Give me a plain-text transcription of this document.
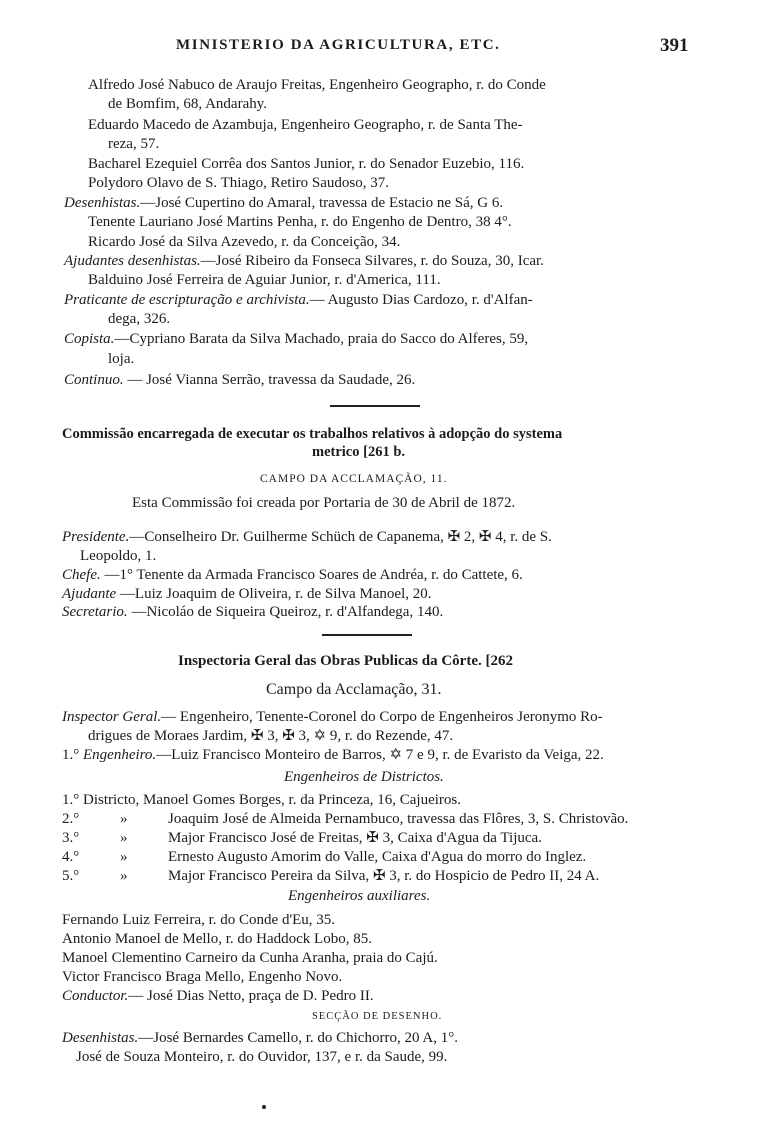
MINISTERIO DA AGRICULTURA, ETC.	391
Alfredo José Nabuco de Araujo Freitas, Engenheiro Geographo, r. do Conde
de Bomfim, 68, Andarahy.
Eduardo Macedo de Azambuja, Engenheiro Geographo, r. de Santa The-
reza, 57.
Bacharel Ezequiel Corrêa dos Santos Junior, r. do Senador Euzebio, 116.
Polydoro Olavo de S. Thiago, Retiro Saudoso, 37.
Desenhistas.—José Cupertino do Amaral, travessa de Estacio ne Sá, G 6.
Tenente Lauriano José Martins Penha, r. do Engenho de Dentro, 38 4°.
Ricardo José da Silva Azevedo, r. da Conceição, 34.
Ajudantes desenhistas.—José Ribeiro da Fonseca Silvares, r. do Souza, 30, Icar.
Balduino José Ferreira de Aguiar Junior, r. d'America, 111.
Praticante de escripturação e archivista.— Augusto Dias Cardozo, r. d'Alfan-
dega, 326.
Copista.—Cypriano Barata da Silva Machado, praia do Sacco do Alferes, 59,
loja.
Continuo. — José Vianna Serrão, travessa da Saudade, 26.
Commissão encarregada de executar os trabalhos relativos à adopção do systema
metrico [261 b.
CAMPO DA ACCLAMAÇÃO, 11.
Esta Commissão foi creada por Portaria de 30 de Abril de 1872.
Presidente.—Conselheiro Dr. Guilherme Schüch de Capanema, ✠ 2, ✠ 4, r. de S.
Leopoldo, 1.
Chefe. —1° Tenente da Armada Francisco Soares de Andréa, r. do Cattete, 6.
Ajudante —Luiz Joaquim de Oliveira, r. de Silva Manoel, 20.
Secretario. —Nicoláo de Siqueira Queiroz, r. d'Alfandega, 140.
Inspectoria Geral das Obras Publicas da Côrte. [262
Campo da Acclamação, 31.
Inspector Geral.— Engenheiro, Tenente-Coronel do Corpo de Engenheiros Jeronymo Ro-
drigues de Moraes Jardim, ✠ 3, ✠ 3, ✡ 9, r. do Rezende, 47.
1.° Engenheiro.—Luiz Francisco Monteiro de Barros, ✡ 7 e 9, r. de Evaristo da Veiga, 22.
Engenheiros de Districtos.
1.° Districto, Manoel Gomes Borges, r. da Princeza, 16, Cajueiros.
2.°	»	Joaquim José de Almeida Pernambuco, travessa das Flôres, 3, S. Christovão.
3.°	»	Major Francisco José de Freitas, ✠ 3, Caixa d'Agua da Tijuca.
4.°	»	Ernesto Augusto Amorim do Valle, Caixa d'Agua do morro do Inglez.
5.°	»	Major Francisco Pereira da Silva, ✠ 3, r. do Hospicio de Pedro II, 24 A.
Engenheiros auxiliares.
Fernando Luiz Ferreira, r. do Conde d'Eu, 35.
Antonio Manoel de Mello, r. do Haddock Lobo, 85.
Manoel Clementino Carneiro da Cunha Aranha, praia do Cajú.
Victor Francisco Braga Mello, Engenho Novo.
Conductor.— José Dias Netto, praça de D. Pedro II.
SECÇÃO DE DESENHO.
Desenhistas.—José Bernardes Camello, r. do Chichorro, 20 A, 1°.
José de Souza Monteiro, r. do Ouvidor, 137, e r. da Saude, 99.
